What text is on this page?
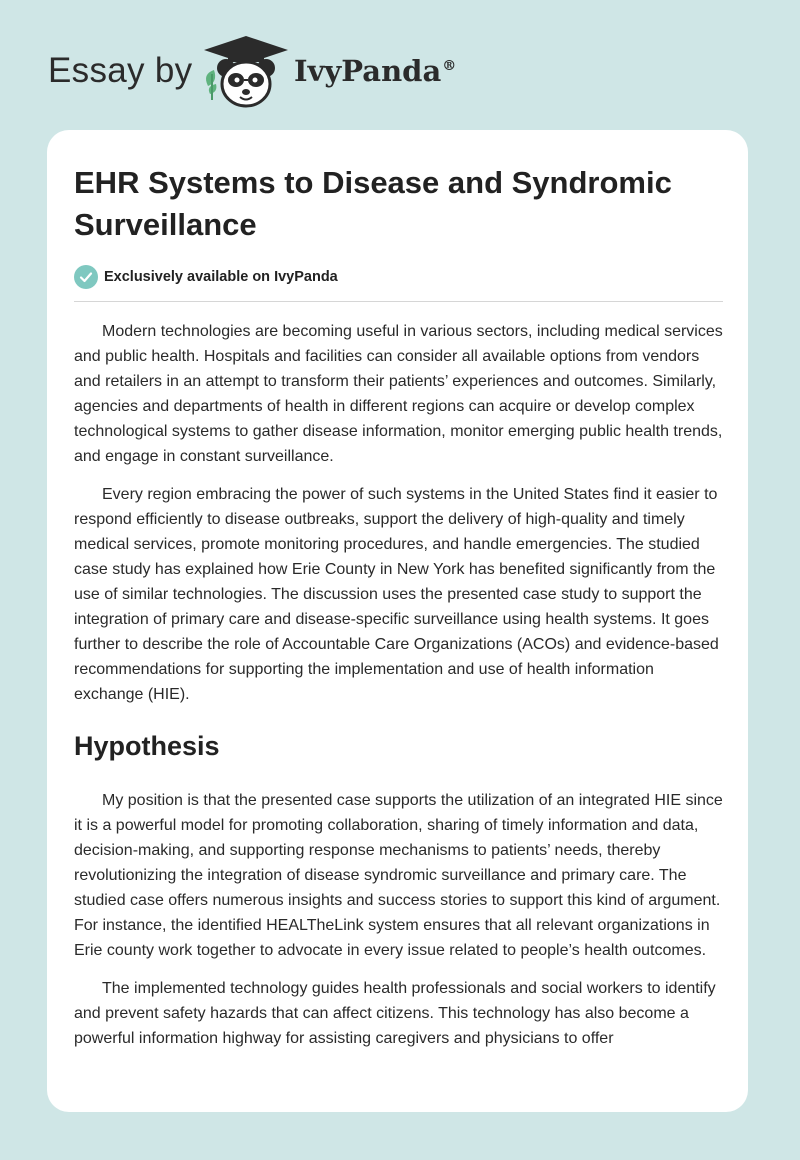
Essay by	IvyPanda®
EHR Systems to Disease and Syndromic Surveillance
Exclusively available on IvyPanda

Modern technologies are becoming useful in various sectors, including medical services and public health. Hospitals and facilities can consider all available options from vendors and retailers in an attempt to transform their patients’ experiences and outcomes. Similarly, agencies and departments of health in different regions can acquire or develop complex technological systems to gather disease information, monitor emerging public health trends, and engage in constant surveillance.

Every region embracing the power of such systems in the United States find it easier to respond efficiently to disease outbreaks, support the delivery of high-quality and timely medical services, promote monitoring procedures, and handle emergencies. The studied case study has explained how Erie County in New York has benefited significantly from the use of similar technologies. The discussion uses the presented case study to support the integration of primary care and disease-specific surveillance using health systems. It goes further to describe the role of Accountable Care Organizations (ACOs) and evidence-based recommendations for supporting the implementation and use of health information exchange (HIE).

Hypothesis

My position is that the presented case supports the utilization of an integrated HIE since it is a powerful model for promoting collaboration, sharing of timely information and data, decision-making, and supporting response mechanisms to patients’ needs, thereby revolutionizing the integration of disease syndromic surveillance and primary care. The studied case offers numerous insights and success stories to support this kind of argument. For instance, the identified HEALTheLink system ensures that all relevant organizations in Erie county work together to advocate in every issue related to people’s health outcomes.

The implemented technology guides health professionals and social workers to identify and prevent safety hazards that can affect citizens. This technology has also become a powerful information highway for assisting caregivers and physicians to offer
